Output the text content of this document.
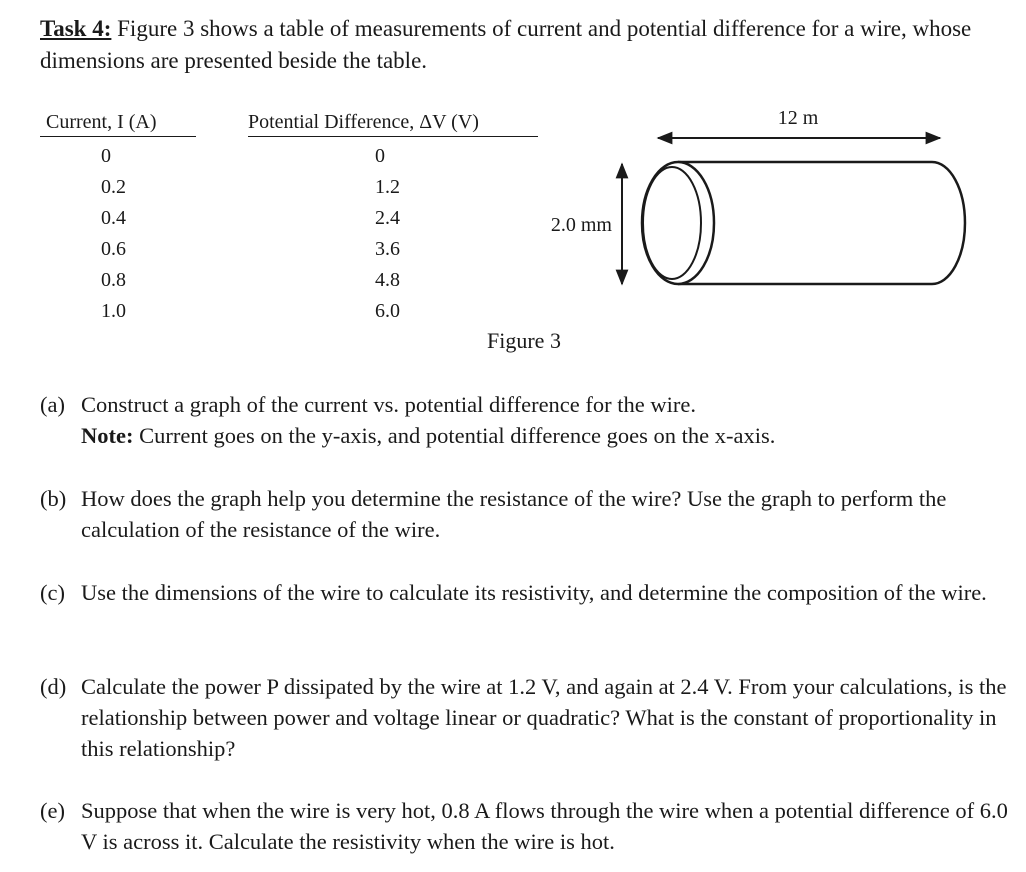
Task 4: Figure 3 shows a table of measurements of current and potential difference for a wire, whose dimensions are presented beside the table.
Current, I (A)		Potential Difference, ΔV (V)
0		0
0.2		1.2
0.4		2.4
0.6		3.6
0.8		4.8
1.0		6.0
12 m
2.0 mm
Figure 3
(a) Construct a graph of the current vs. potential difference for the wire.
Note: Current goes on the y-axis, and potential difference goes on the x-axis.
(b) How does the graph help you determine the resistance of the wire? Use the graph to perform the calculation of the resistance of the wire.
(c) Use the dimensions of the wire to calculate its resistivity, and determine the composition of the wire.
(d) Calculate the power P dissipated by the wire at 1.2 V, and again at 2.4 V. From your calculations, is the relationship between power and voltage linear or quadratic? What is the constant of proportionality in this relationship?
(e) Suppose that when the wire is very hot, 0.8 A flows through the wire when a potential difference of 6.0 V is across it. Calculate the resistivity when the wire is hot.
